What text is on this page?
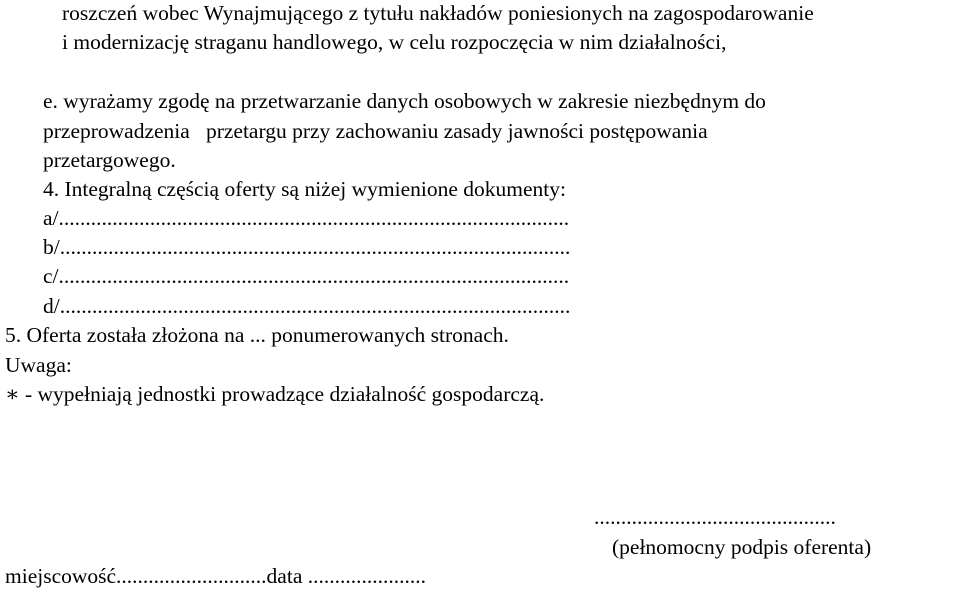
roszczeń wobec Wynajmującego z tytułu nakładów poniesionych na zagospodarowanie
i modernizację straganu handlowego, w celu rozpoczęcia w nim działalności,
e. wyrażamy zgodę na przetwarzanie danych osobowych w zakresie niezbędnym do
przeprowadzenia   przetargu przy zachowaniu zasady jawności postępowania
przetargowego.
4. Integralną częścią oferty są niżej wymienione dokumenty:
a/...............................................................................................
b/...............................................................................................
c/...............................................................................................
d/...............................................................................................
5. Oferta została złożona na ... ponumerowanych stronach.
Uwaga:
∗ - wypełniają jednostki prowadzące działalność gospodarczą.
.............................................
(pełnomocny podpis oferenta)
miejscowość............................data ......................
